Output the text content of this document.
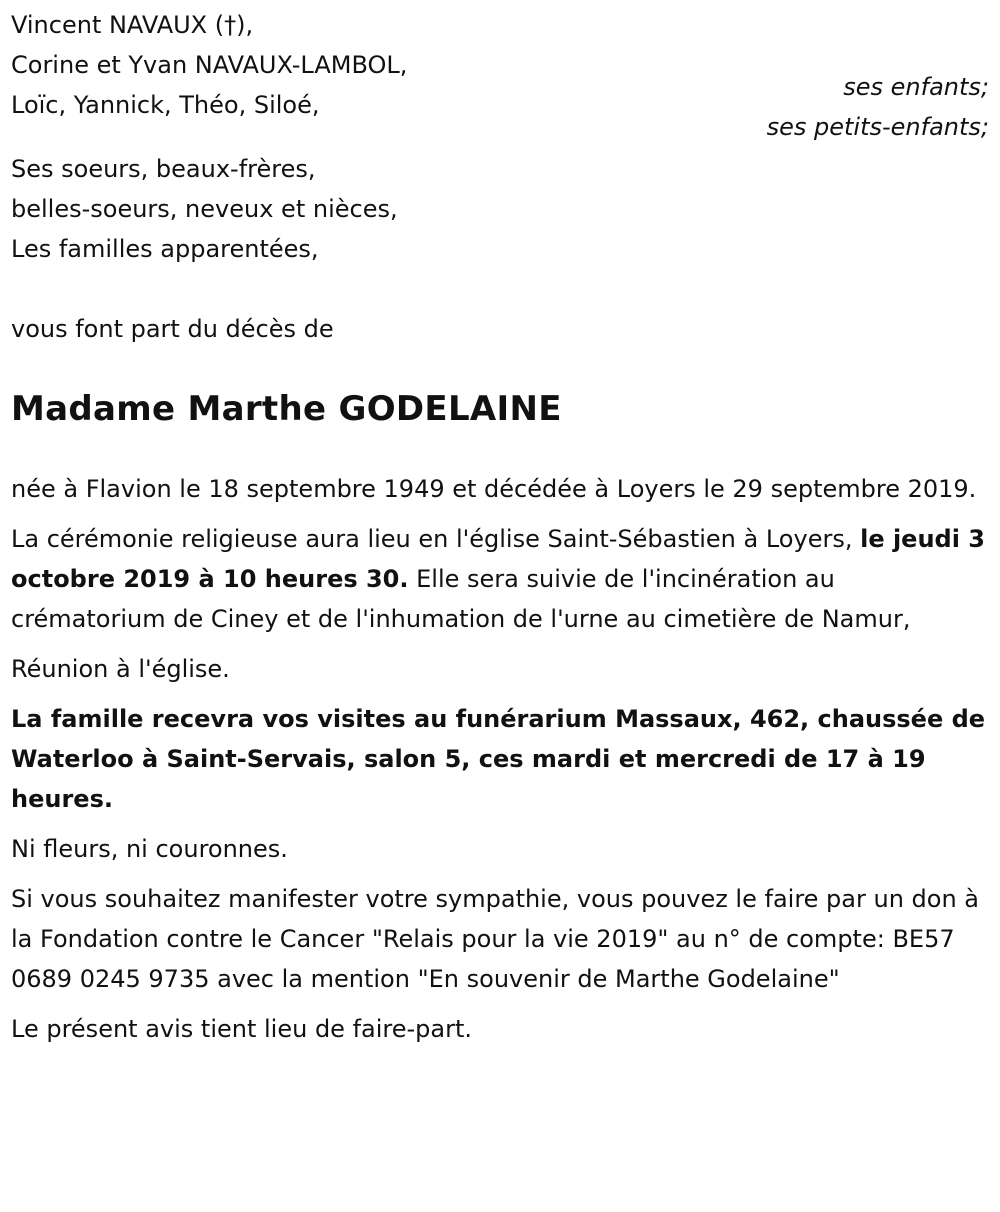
Vincent NAVAUX (†),
Corine et Yvan NAVAUX-LAMBOL,
ses enfants;
Loïc, Yannick, Théo, Siloé,
ses petits-enfants;
Ses soeurs, beaux-frères,
belles-soeurs, neveux et nièces,
Les familles apparentées,
vous font part du décès de
Madame Marthe GODELAINE

née à Flavion le 18 septembre 1949 et décédée à Loyers le 29 septembre 2019.

La cérémonie religieuse aura lieu en l'église Saint-Sébastien à Loyers, le jeudi 3 octobre 2019 à 10 heures 30. Elle sera suivie de l'incinération au crématorium de Ciney et de l'inhumation de l'urne au cimetière de Namur,

Réunion à l'église.

La famille recevra vos visites au funérarium Massaux, 462, chaussée de Waterloo à Saint-Servais, salon 5, ces mardi et mercredi de 17 à 19 heures.

Ni fleurs, ni couronnes.

Si vous souhaitez manifester votre sympathie, vous pouvez le faire par un don à la Fondation contre le Cancer "Relais pour la vie 2019" au n° de compte: BE57 0689 0245 9735 avec la mention "En souvenir de Marthe Godelaine"

Le présent avis tient lieu de faire-part.
